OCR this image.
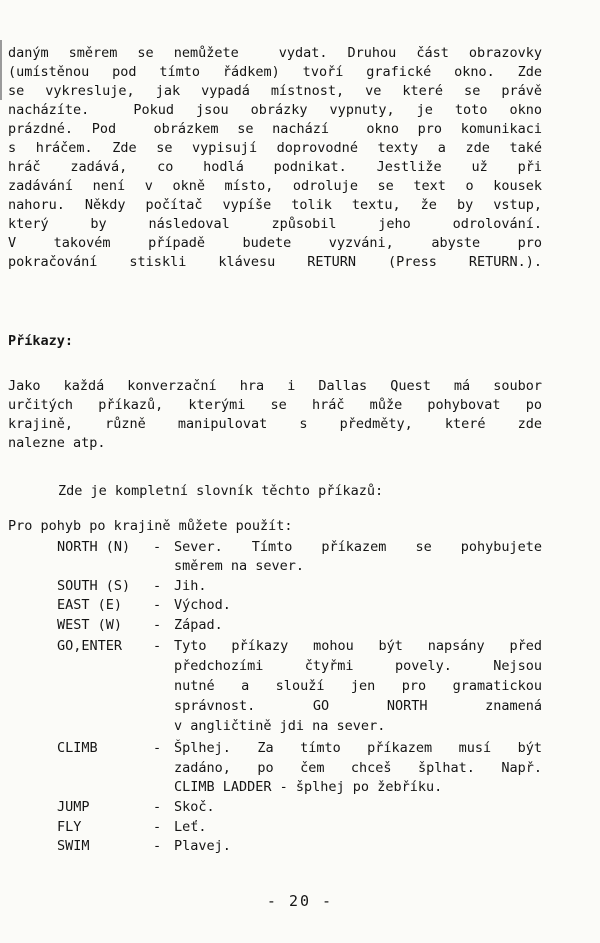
daným směrem se nemůžete  vydat. Druhou část obrazovky
(umístěnou pod tímto řádkem) tvoří grafické okno. Zde
se vykresluje, jak vypadá místnost, ve které se právě
nacházíte.  Pokud jsou obrázky vypnuty, je toto okno
prázdné. Pod  obrázkem se nachází  okno pro komunikaci
s hráčem. Zde se vypisují doprovodné texty a zde také
hráč zadává, co hodlá podnikat. Jestliže už při
zadávání není v okně místo, odroluje se text o kousek
nahoru. Někdy počítač vypíše tolik textu, že by vstup,
který by následoval způsobil jeho odrolování.
V takovém případě budete vyzváni, abyste pro
pokračování stiskli klávesu RETURN (Press RETURN.).
Příkazy:
Jako každá konverzační hra i Dallas Quest má soubor
určitých příkazů, kterými se hráč může pohybovat po
krajině, různě manipulovat s předměty, které zde
nalezne atp.
Zde je kompletní slovník těchto příkazů:
Pro pohyb po krajině můžete použít:
NORTH (N) - Sever. Tímto příkazem se pohybujete
směrem na sever.
SOUTH (S) - Jih.
EAST (E) - Východ.
WEST (W) - Západ.
GO,ENTER - Tyto příkazy mohou být napsány před
předchozími čtyřmi povely. Nejsou
nutné a slouží jen pro gramatickou
správnost. GO NORTH znamená
v angličtině jdi na sever.
CLIMB	- Šplhej. Za tímto příkazem musí být
zadáno, po čem chceš šplhat. Např.
CLIMB LADDER - šplhej po žebříku.
JUMP	- Skoč.
FLY	- Leť.
SWIM	- Plavej.
- 20 -
